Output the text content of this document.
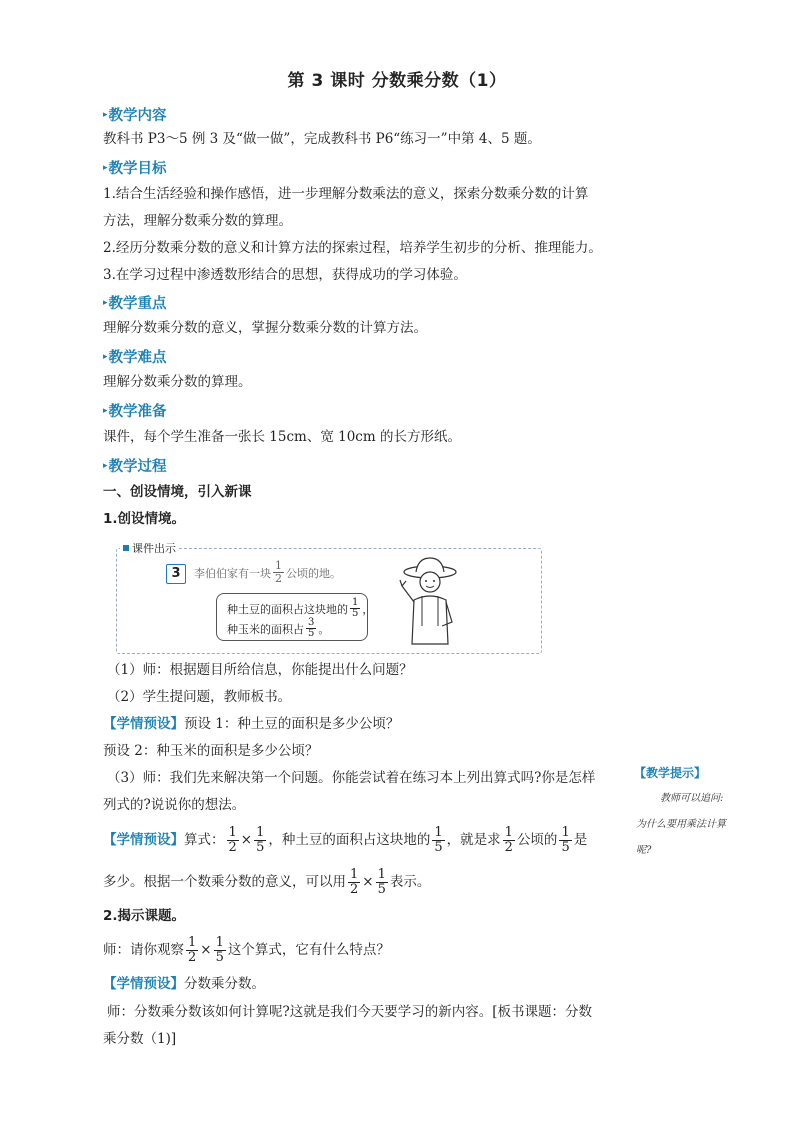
第 3 课时 分数乘分数（1）
▸ 教学内容
教科书 P3～5 例 3 及“做一做”，完成教科书 P6“练习一”中第 4、5 题。
▸ 教学目标
1.结合生活经验和操作感悟，进一步理解分数乘法的意义，探索分数乘分数的计算
方法，理解分数乘分数的算理。
2.经历分数乘分数的意义和计算方法的探索过程，培养学生初步的分析、推理能力。
3.在学习过程中渗透数形结合的思想，获得成功的学习体验。
▸ 教学重点
理解分数乘分数的意义，掌握分数乘分数的计算方法。
▸ 教学难点
理解分数乘分数的算理。
▸ 教学准备
课件，每个学生准备一张长 15cm、宽 10cm 的长方形纸。
▸ 教学过程
一、创设情境，引入新课
1.创设情境。
课件出示
3	李伯伯家有一块 $\frac{1}{2}$ 公顷的地。
种土豆的面积占这块地的 $\frac{1}{5}$ ，
种玉米的面积占 $\frac{3}{5}$ 。
（1）师：根据题目所给信息，你能提出什么问题？
（2）学生提问题，教师板书。
【学情预设】预设 1：种土豆的面积是多少公顷？
预设 2：种玉米的面积是多少公顷？
（3）师：我们先来解决第一个问题。你能尝试着在练习本上列出算式吗?你是怎样
列式的?说说你的想法。
【学情预设】 算式： $\frac{1}{2} \times \frac{1}{5}$ ，种土豆的面积占这块地的 $\frac{1}{5}$ ，就是求 $\frac{1}{2}$ 公顷的 $\frac{1}{5}$ 是
多少。根据一个数乘分数的意义，可以用 $\frac{1}{2} \times \frac{1}{5}$ 表示。
2.揭示课题。
师：请你观察 $\frac{1}{2} \times \frac{1}{5}$ 这个算式，它有什么特点？
【学情预设】分数乘分数。
师：分数乘分数该如何计算呢?这就是我们今天要学习的新内容。[板书课题：分数
乘分数（1)]
【教学提示】
教师可以追问:
为什么要用乘法计算
呢?
